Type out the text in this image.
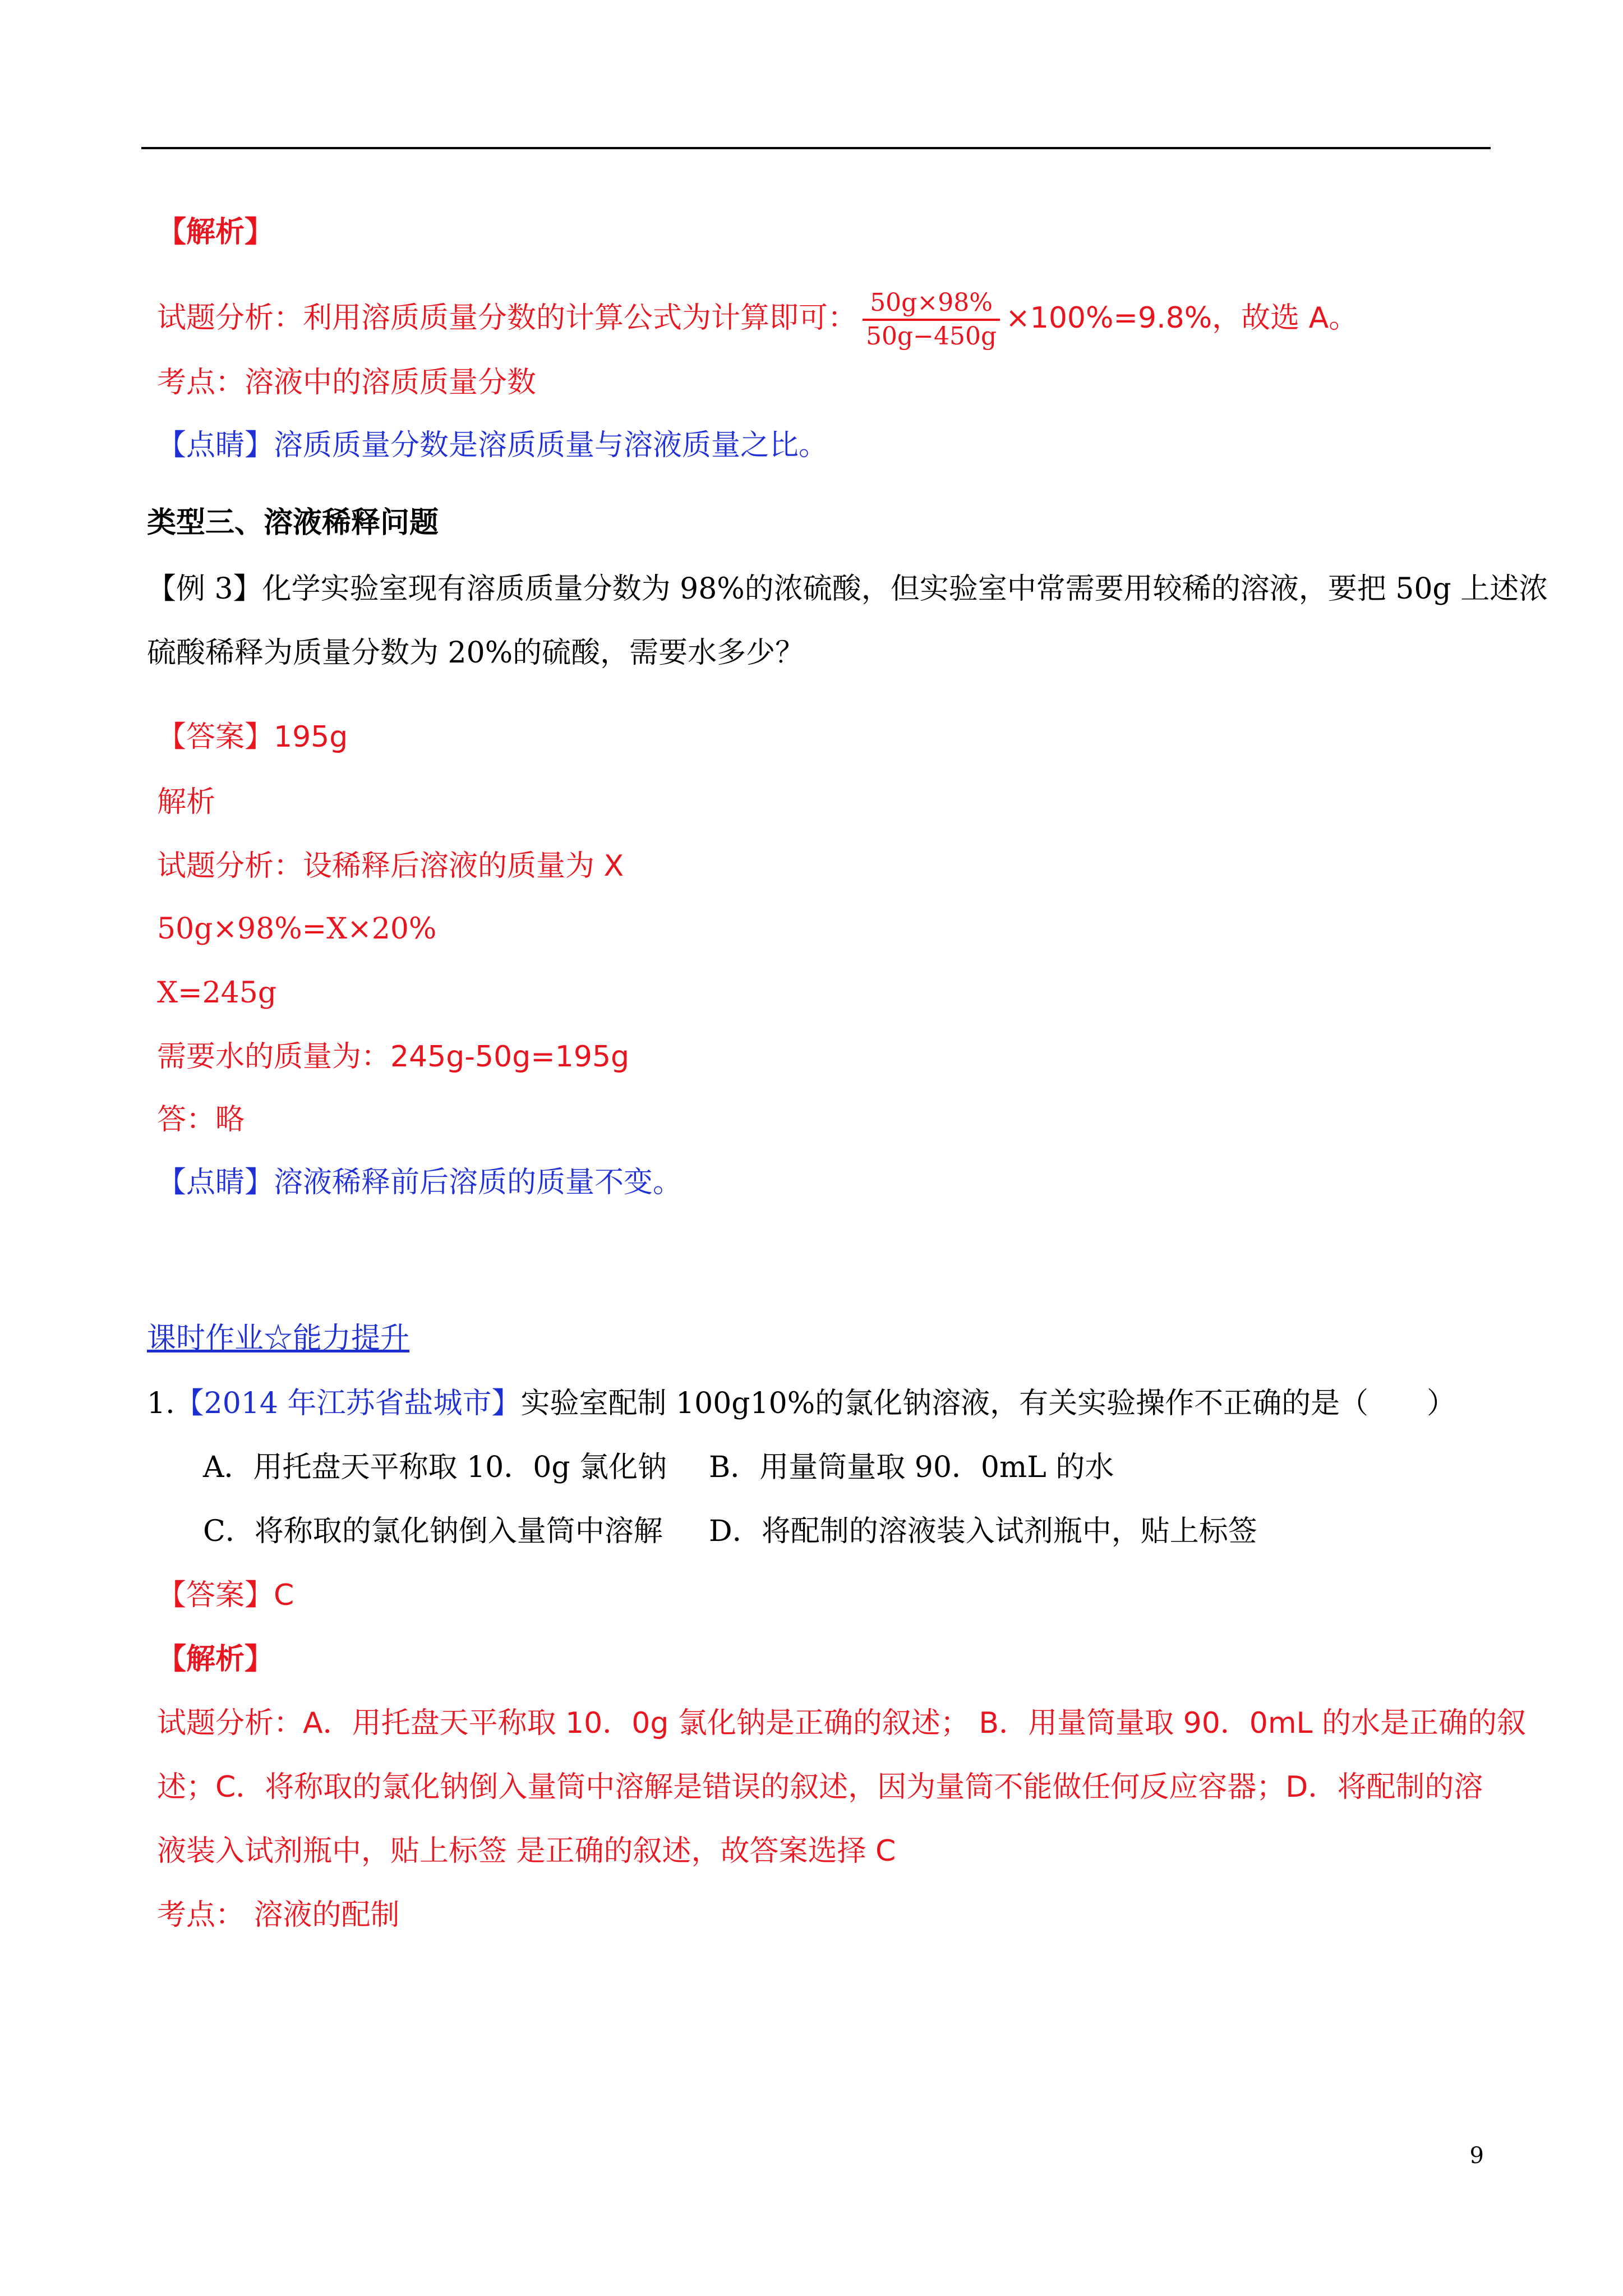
【解析】
试题分析：利用溶质质量分数的计算公式为计算即可： $\frac{50g\times 98\%}{50g-450g} \times 100\%=9.8\%$，故选 A。
考点：溶液中的溶质质量分数
【点睛】溶质质量分数是溶质质量与溶液质量之比。
类型三、溶液稀释问题
【例 3】化学实验室现有溶质质量分数为 98%的浓硫酸，但实验室中常需要用较稀的溶液，要把 50g 上述浓
硫酸稀释为质量分数为 20%的硫酸，需要水多少？
【答案】195g
解析
试题分析：设稀释后溶液的质量为 X
50g×98%=X×20%
X=245g
需要水的质量为：245g-50g=195g
答：略
【点睛】溶液稀释前后溶质的质量不变。
课时作业☆能力提升
1.【2014 年江苏省盐城市】实验室配制 100g10%的氯化钠溶液，有关实验操作不正确的是
（　　）
A．用托盘天平称取 10．0g 氯化钠 B．用量筒量取 90．0mL 的水
C．将称取的氯化钠倒入量筒中溶解 D．将配制的溶液装入试剂瓶中，贴上标签
【答案】C
【解析】
试题分析：A．用托盘天平称取 10．0g 氯化钠是正确的叙述； B．用量筒量取 90．0mL 的水是正确的叙
述；C．将称取的氯化钠倒入量筒中溶解是错误的叙述，因为量筒不能做任何反应容器；D．将配制的溶
液装入试剂瓶中，贴上标签 是正确的叙述，故答案选择 C
考点： 溶液的配制
9
